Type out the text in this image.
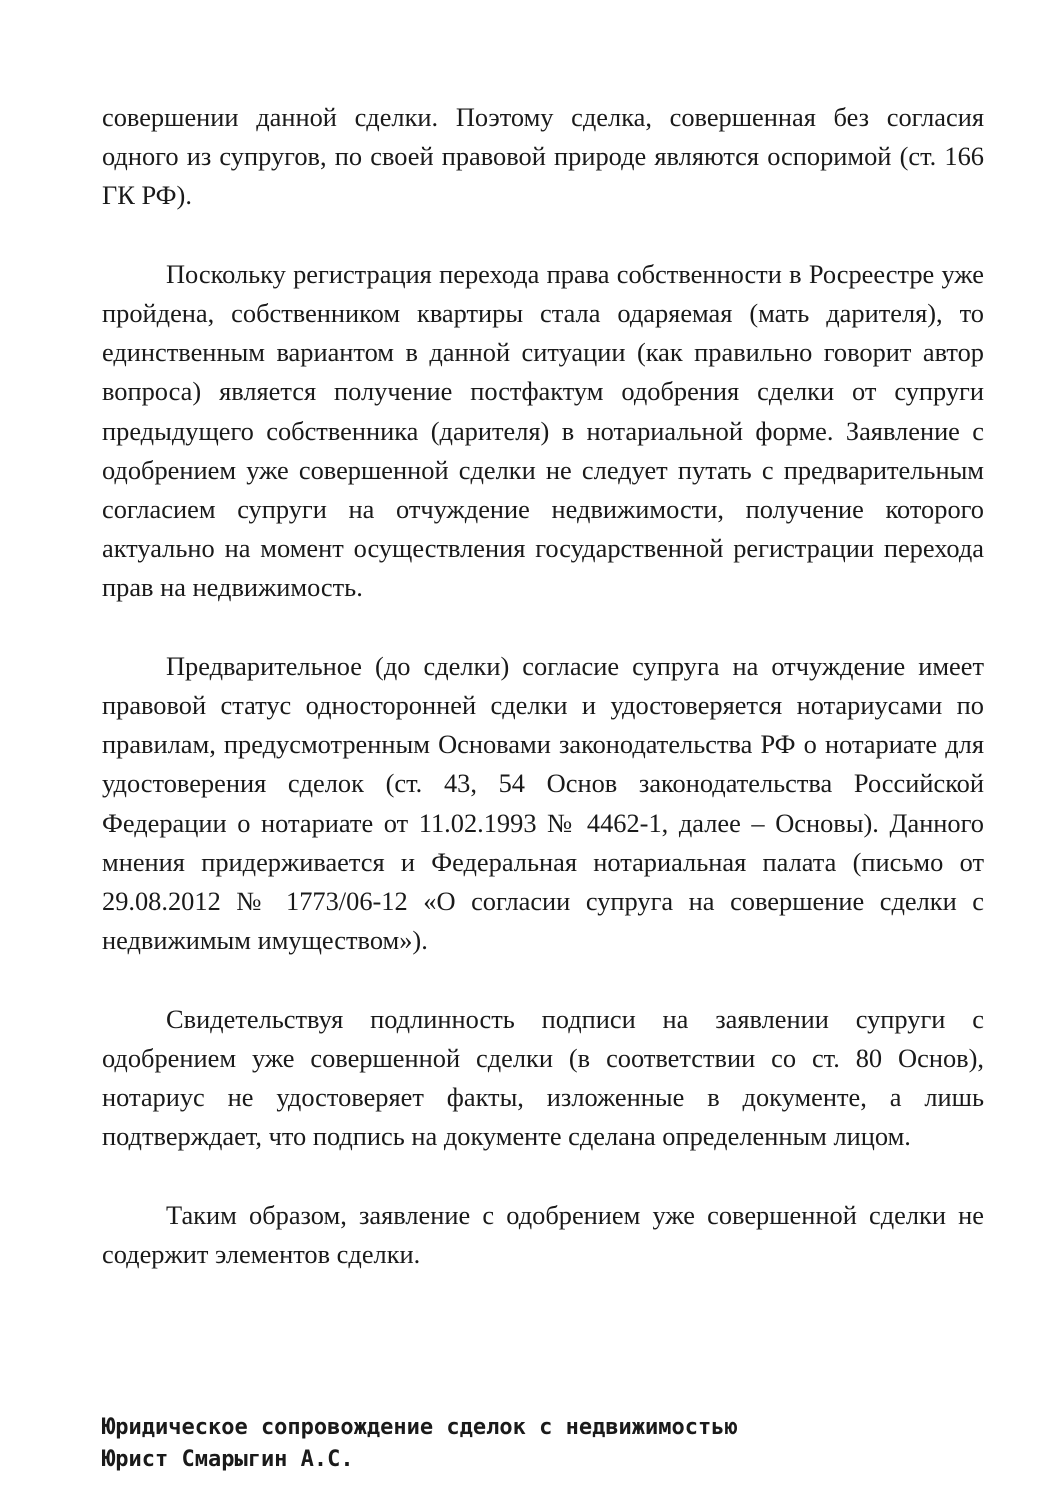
совершении данной сделки. Поэтому сделка, совершенная без согласия одного из супругов, по своей правовой природе являются оспоримой (ст. 166 ГК РФ).

Поскольку регистрация перехода права собственности в Росреестре уже пройдена, собственником квартиры стала одаряемая (мать дарителя), то единственным вариантом в данной ситуации (как правильно говорит автор вопроса) является получение постфактум одобрения сделки от супруги предыдущего собственника (дарителя) в нотариальной форме. Заявление с одобрением уже совершенной сделки не следует путать с предварительным согласием супруги на отчуждение недвижимости, получение которого актуально на момент осуществления государственной регистрации перехода прав на недвижимость.

Предварительное (до сделки) согласие супруга на отчуждение имеет правовой статус односторонней сделки и удостоверяется нотариусами по правилам, предусмотренным Основами законодательства РФ о нотариате для удостоверения сделок (ст. 43, 54 Основ законодательства Российской Федерации о нотариате от 11.02.1993 № 4462-1, далее – Основы). Данного мнения придерживается и Федеральная нотариальная палата (письмо от 29.08.2012 № 1773/06-12 «О согласии супруга на совершение сделки с недвижимым имуществом»).

Свидетельствуя подлинность подписи на заявлении супруги с одобрением уже совершенной сделки (в соответствии со ст. 80 Основ), нотариус не удостоверяет факты, изложенные в документе, а лишь подтверждает, что подпись на документе сделана определенным лицом.

Таким образом, заявление с одобрением уже совершенной сделки не содержит элементов сделки.

Юридическое сопровождение сделок с недвижимостью
Юрист Смарыгин А.С.
